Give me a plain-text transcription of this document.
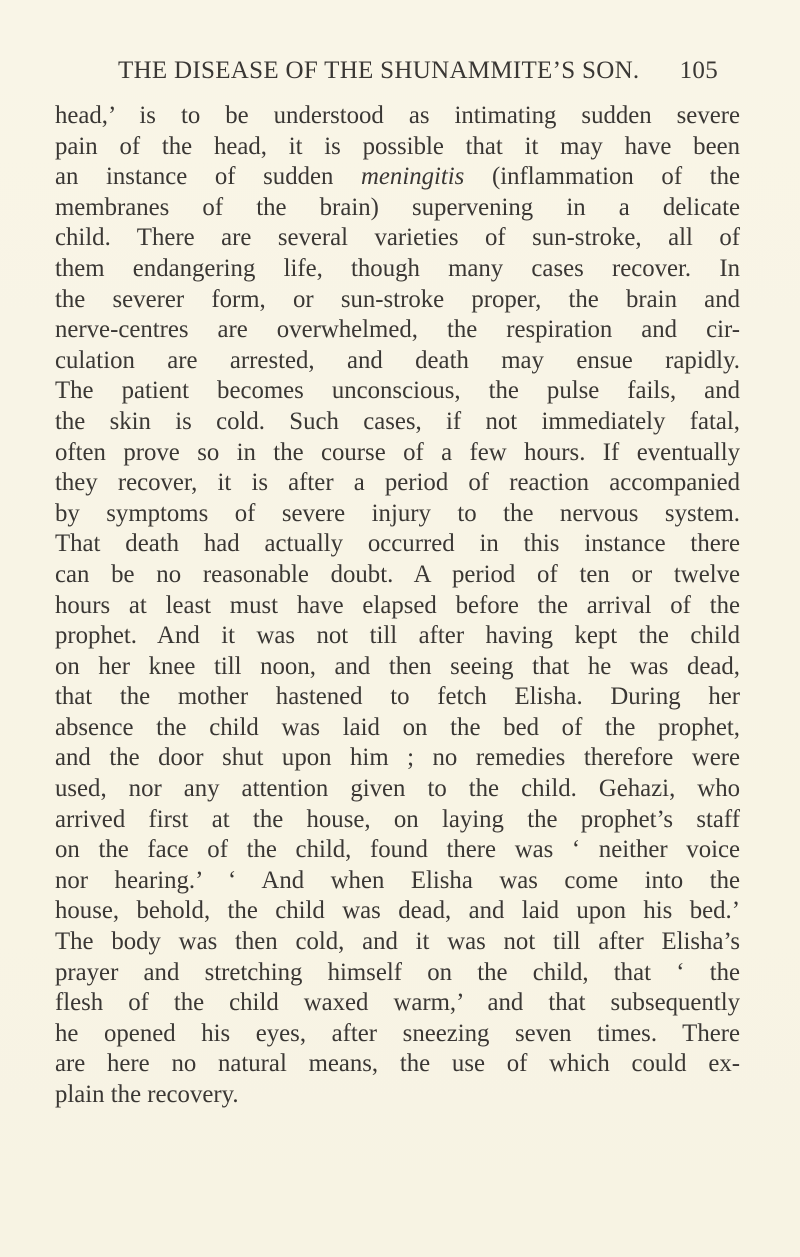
THE DISEASE OF THE SHUNAMMITE’S SON. 105
head,’ is to be understood as intimating sudden severe
pain of the head, it is possible that it may have been
an instance of sudden meningitis (inflammation of the
membranes of the brain) supervening in a delicate
child. There are several varieties of sun-stroke, all of
them endangering life, though many cases recover. In
the severer form, or sun-stroke proper, the brain and
nerve-centres are overwhelmed, the respiration and cir-
culation are arrested, and death may ensue rapidly.
The patient becomes unconscious, the pulse fails, and
the skin is cold. Such cases, if not immediately fatal,
often prove so in the course of a few hours. If eventually
they recover, it is after a period of reaction accompanied
by symptoms of severe injury to the nervous system.
That death had actually occurred in this instance there
can be no reasonable doubt. A period of ten or twelve
hours at least must have elapsed before the arrival of the
prophet. And it was not till after having kept the child
on her knee till noon, and then seeing that he was dead,
that the mother hastened to fetch Elisha. During her
absence the child was laid on the bed of the prophet,
and the door shut upon him ; no remedies therefore were
used, nor any attention given to the child. Gehazi, who
arrived first at the house, on laying the prophet’s staff
on the face of the child, found there was ‘ neither voice
nor hearing.’ ‘ And when Elisha was come into the
house, behold, the child was dead, and laid upon his bed.’
The body was then cold, and it was not till after Elisha’s
prayer and stretching himself on the child, that ‘ the
flesh of the child waxed warm,’ and that subsequently
he opened his eyes, after sneezing seven times. There
are here no natural means, the use of which could ex-
plain the recovery.
